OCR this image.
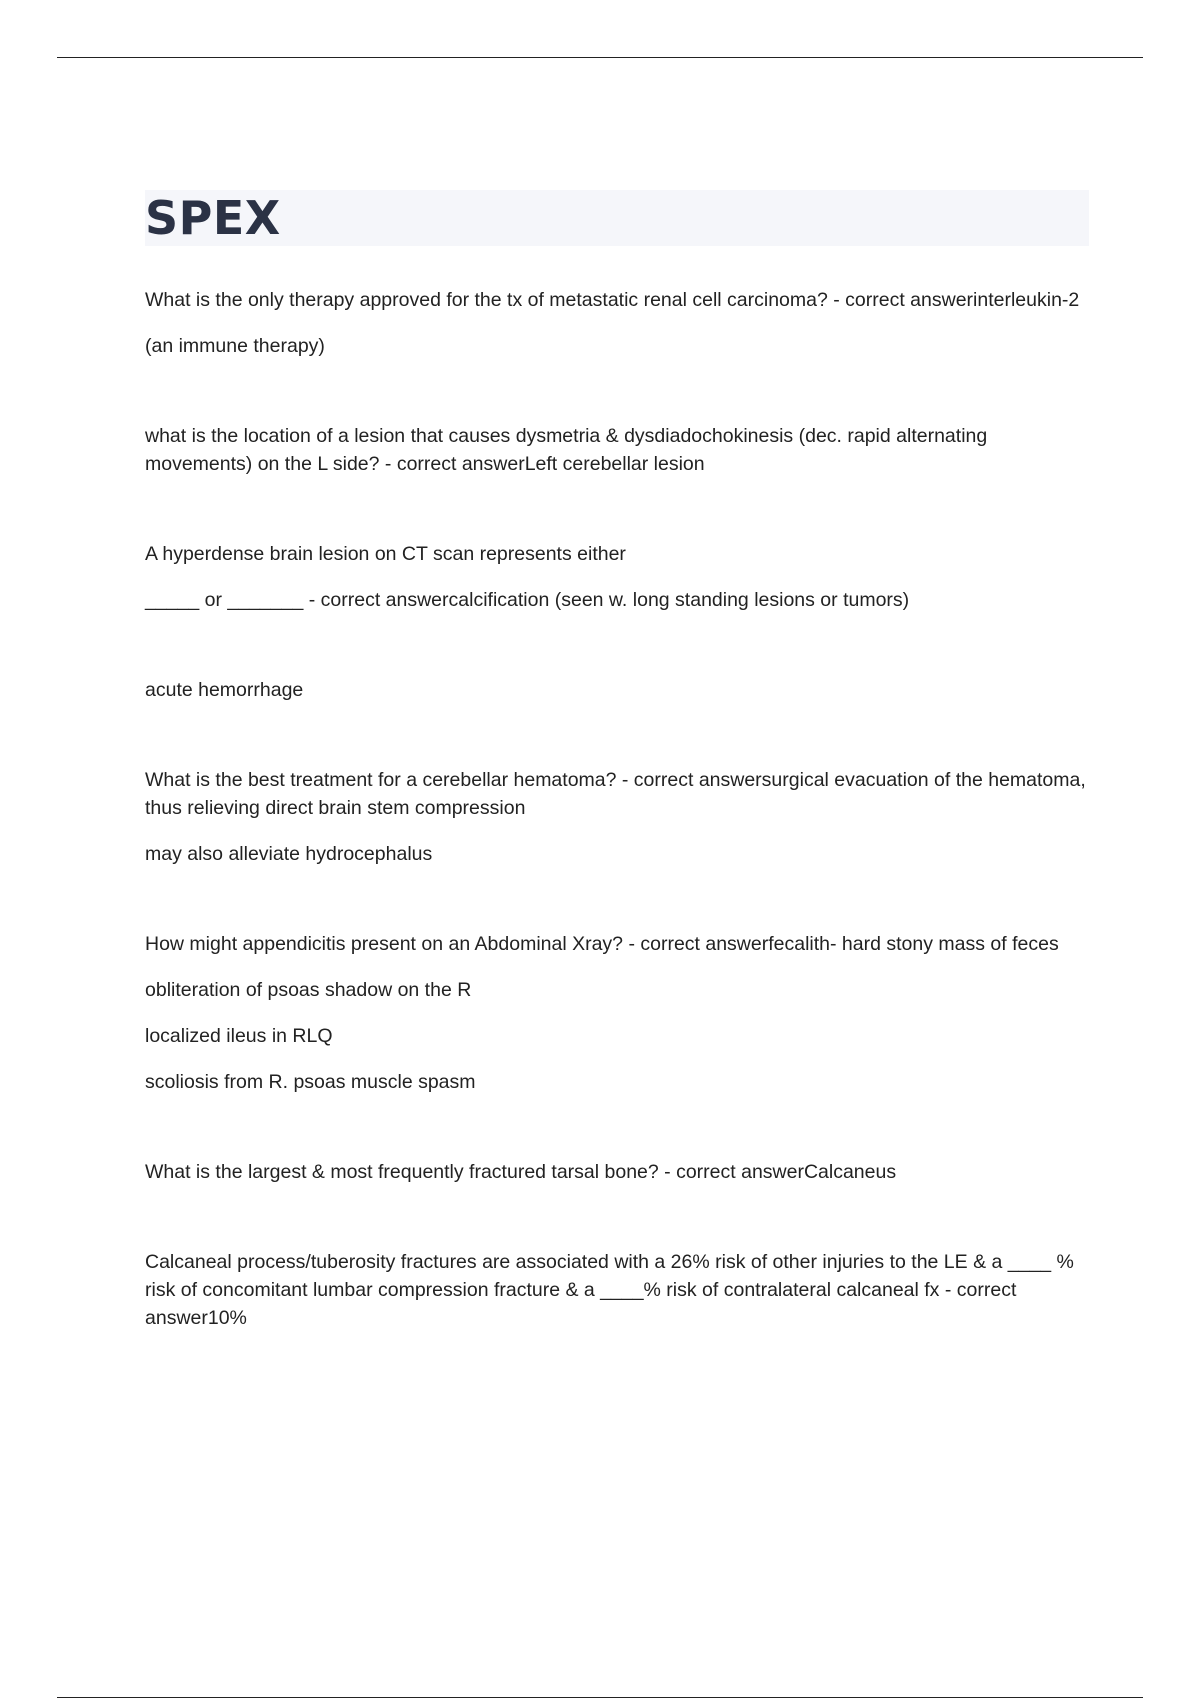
SPEX

What is the only therapy approved for the tx of metastatic renal cell carcinoma? - correct answerinterleukin-2

(an immune therapy)

what is the location of a lesion that causes dysmetria & dysdiadochokinesis (dec. rapid alternating movements) on the L side? - correct answerLeft cerebellar lesion

A hyperdense brain lesion on CT scan represents either

_____ or _______ - correct answercalcification (seen w. long standing lesions or tumors)

acute hemorrhage

What is the best treatment for a cerebellar hematoma? - correct answersurgical evacuation of the hematoma, thus relieving direct brain stem compression

may also alleviate hydrocephalus

How might appendicitis present on an Abdominal Xray? - correct answerfecalith- hard stony mass of feces

obliteration of psoas shadow on the R

localized ileus in RLQ

scoliosis from R. psoas muscle spasm

What is the largest & most frequently fractured tarsal bone? - correct answerCalcaneus

Calcaneal process/tuberosity fractures are associated with a 26% risk of other injuries to the LE & a ____ % risk of concomitant lumbar compression fracture & a ____% risk of contralateral calcaneal fx - correct answer10%
